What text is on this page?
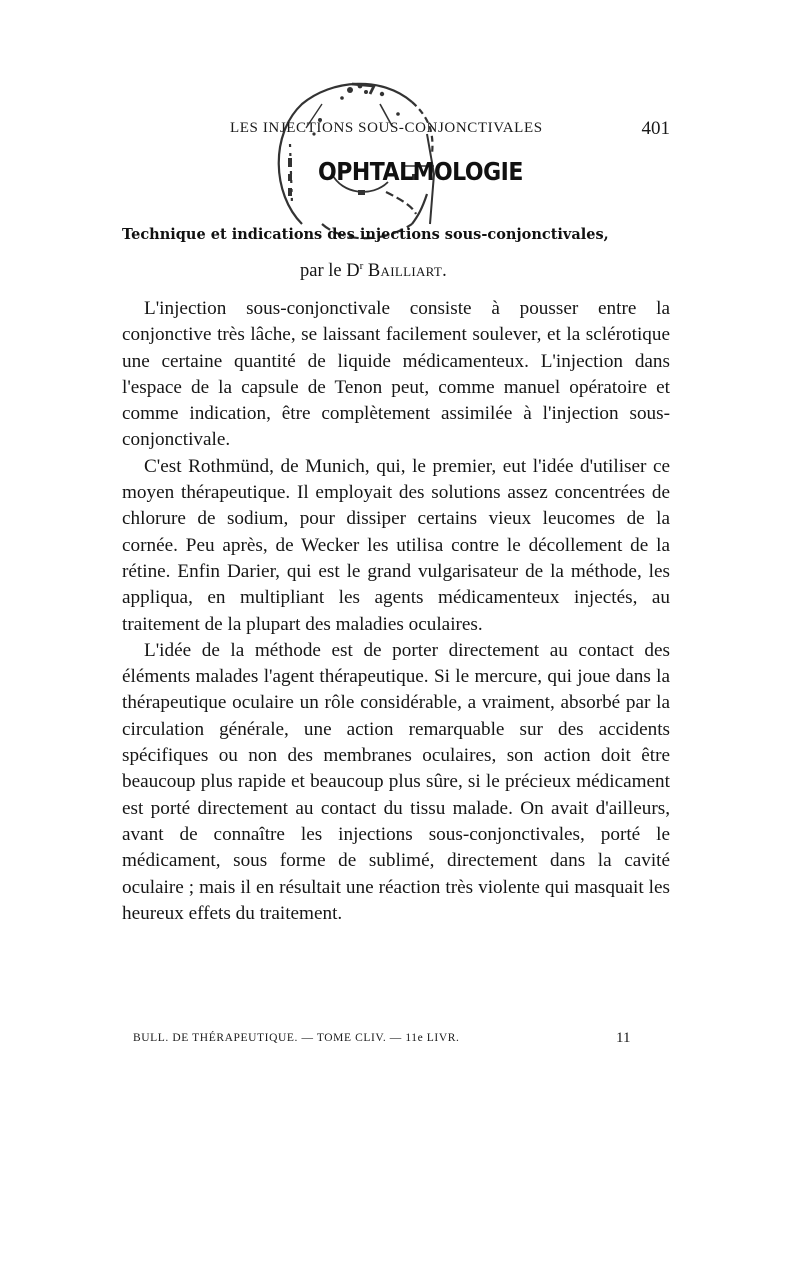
OPHTALMOLOGIE
LES INJECTIONS SOUS-CONJONCTIVALES	401
Technique et indications des injections sous-conjonctivales,
par le $D^r$ Bailliart.

L'injection sous-conjonctivale consiste à pousser entre la conjonctive très lâche, se laissant facilement soulever, et la sclérotique une certaine quantité de liquide médicamenteux. L'injection dans l'espace de la capsule de Tenon peut, comme manuel opératoire et comme indication, être complètement assimilée à l'injection sous-conjonctivale.

C'est Rothmünd, de Munich, qui, le premier, eut l'idée d'utiliser ce moyen thérapeutique. Il employait des solutions assez concentrées de chlorure de sodium, pour dissiper certains vieux leucomes de la cornée. Peu après, de Wecker les utilisa contre le décollement de la rétine. Enfin Darier, qui est le grand vulgarisateur de la méthode, les appliqua, en multipliant les agents médicamenteux injectés, au traitement de la plupart des maladies oculaires.

L'idée de la méthode est de porter directement au contact des éléments malades l'agent thérapeutique. Si le mercure, qui joue dans la thérapeutique oculaire un rôle considérable, a vraiment, absorbé par la circulation générale, une action remarquable sur des accidents spécifiques ou non des membranes oculaires, son action doit être beaucoup plus rapide et beaucoup plus sûre, si le précieux médicament est porté directement au contact du tissu malade. On avait d'ailleurs, avant de connaître les injections sous-conjonctivales, porté le médicament, sous forme de sublimé, directement dans la cavité oculaire ; mais il en résultait une réaction très violente qui masquait les heureux effets du traitement.

BULL. DE THÉRAPEUTIQUE. — TOME CLIV. — 11e LIVR.	11
